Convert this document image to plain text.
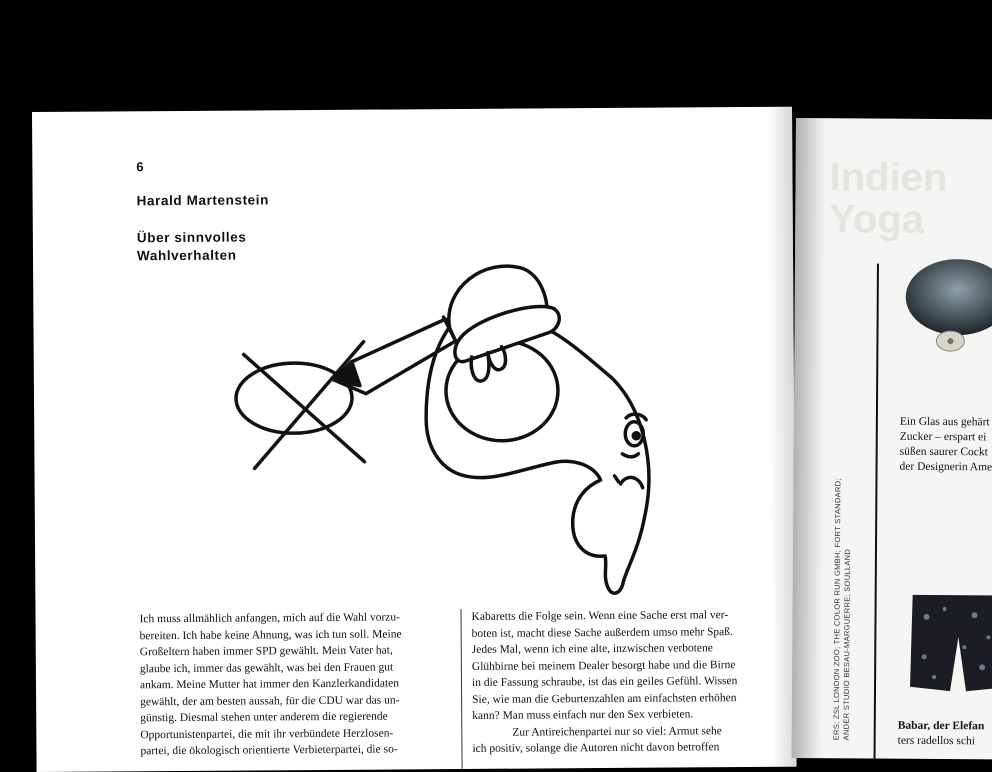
6
Harald Martenstein
Über sinnvolles
Wahlverhalten

Ich muss allmählich anfangen, mich auf die Wahl vorzu-

bereiten. Ich habe keine Ahnung, was ich tun soll. Meine

Großeltern haben immer SPD gewählt. Mein Vater hat,

glaube ich, immer das gewählt, was bei den Frauen gut

ankam. Meine Mutter hat immer den Kanzlerkandidaten

gewählt, der am besten aussah, für die CDU war das un-

günstig. Diesmal stehen unter anderem die regierende

Opportunistenpartei, die mit ihr verbündete Herzlosen-

partei, die ökologisch orientierte Verbieterpartei, die so-

Kabaretts die Folge sein. Wenn eine Sache erst mal ver-

boten ist, macht diese Sache außerdem umso mehr Spaß.

Jedes Mal, wenn ich eine alte, inzwischen verbotene

Glühbirne bei meinem Dealer besorgt habe und die Birne

in die Fassung schraube, ist das ein geiles Gefühl. Wissen

Sie, wie man die Geburtenzahlen am einfachsten erhöhen

kann? Man muss einfach nur den Sex verbieten.

Zur Antireichenpartei nur so viel: Armut sehe

ich positiv, solange die Autoren nicht davon betroffen

Indien
Yoga
ERS; ZSL LONDON ZOO; THE COLOR RUN GMBH; FORT STANDARD; ANDER STUDIO BESAU-MARGUERRE; SOULLAND
Ein Glas aus gehärt
Zucker – erspart ei
süßen saurer Cockt
der Designerin Ame
Babar, der Elefan
ters radellos schi
